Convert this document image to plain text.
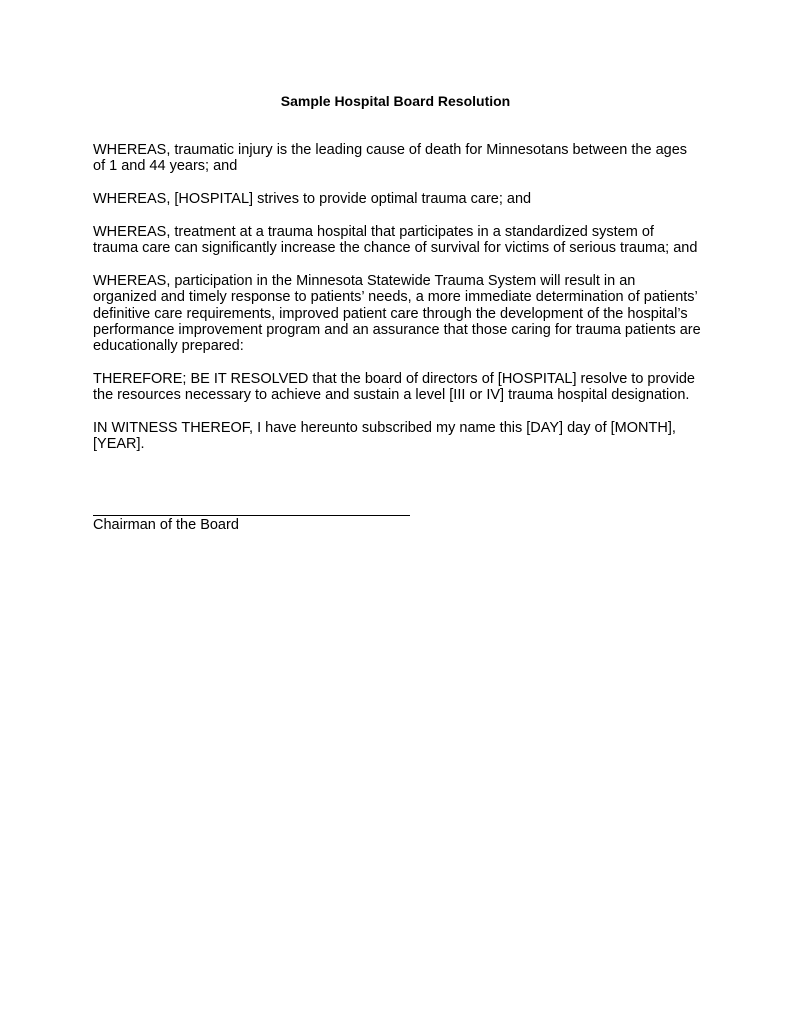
Sample Hospital Board Resolution

WHEREAS, traumatic injury is the leading cause of death for Minnesotans between the ages of 1 and 44 years; and

WHEREAS, [HOSPITAL] strives to provide optimal trauma care; and

WHEREAS, treatment at a trauma hospital that participates in a standardized system of trauma care can significantly increase the chance of survival for victims of serious trauma; and

WHEREAS, participation in the Minnesota Statewide Trauma System will result in an organized and timely response to patients’ needs, a more immediate determination of patients’ definitive care requirements, improved patient care through the development of the hospital’s performance improvement program and an assurance that those caring for trauma patients are educationally prepared:

THEREFORE; BE IT RESOLVED that the board of directors of [HOSPITAL] resolve to provide the resources necessary to achieve and sustain a level [III or IV] trauma hospital designation.

IN WITNESS THEREOF, I have hereunto subscribed my name this [DAY] day of [MONTH], [YEAR].

Chairman of the Board
